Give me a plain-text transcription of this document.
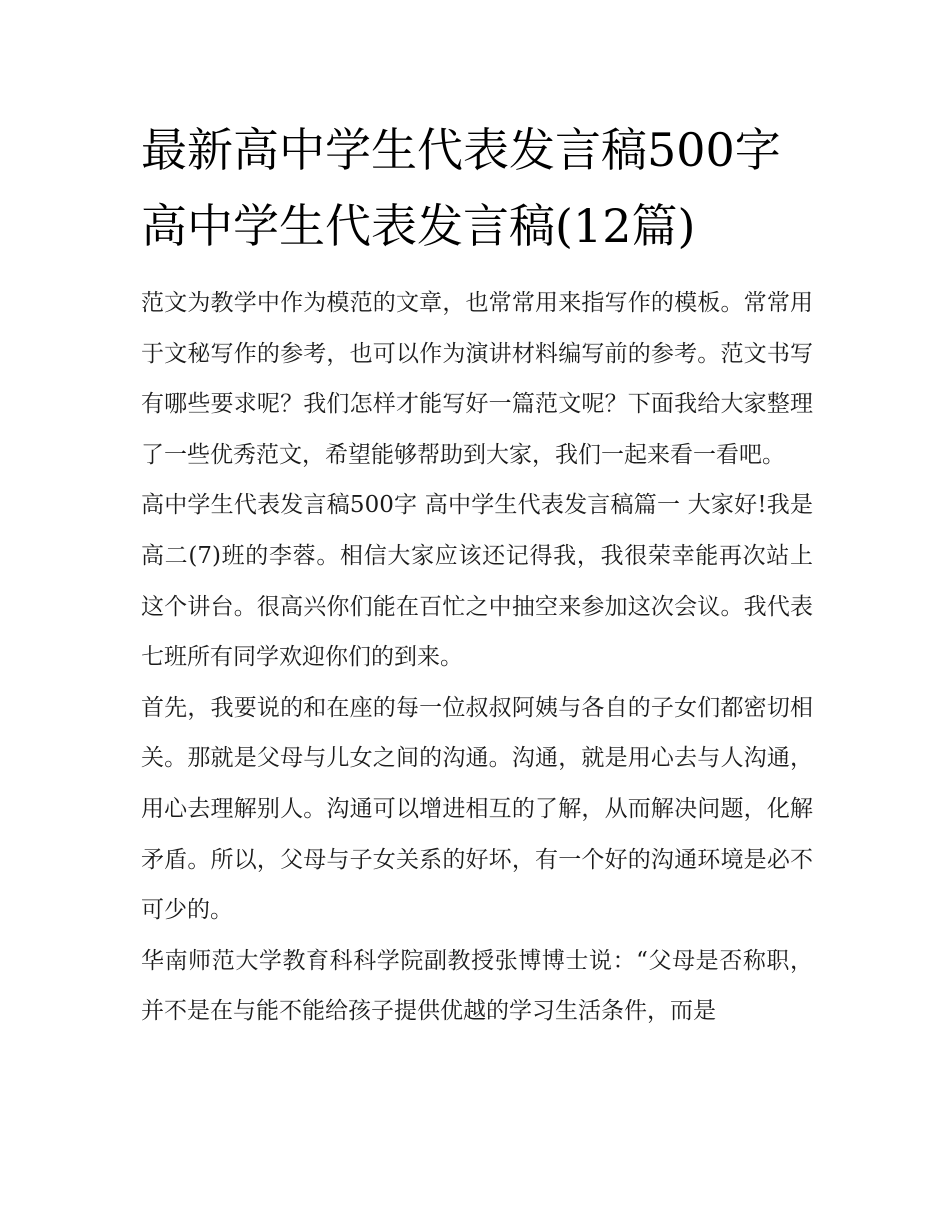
最新高中学生代表发言稿500字 高中学生代表发言稿(12篇)

范文为教学中作为模范的文章，也常常用来指写作的模板。常常用于文秘写作的参考，也可以作为演讲材料编写前的参考。范文书写有哪些要求呢？我们怎样才能写好一篇范文呢？下面我给大家整理了一些优秀范文，希望能够帮助到大家，我们一起来看一看吧。

高中学生代表发言稿500字 高中学生代表发言稿篇一 大家好!我是高二(7)班的李蓉。相信大家应该还记得我，我很荣幸能再次站上这个讲台。很高兴你们能在百忙之中抽空来参加这次会议。我代表七班所有同学欢迎你们的到来。

首先，我要说的和在座的每一位叔叔阿姨与各自的子女们都密切相关。那就是父母与儿女之间的沟通。沟通，就是用心去与人沟通，用心去理解别人。沟通可以增进相互的了解，从而解决问题，化解矛盾。所以，父母与子女关系的好坏，有一个好的沟通环境是必不可少的。

华南师范大学教育科科学院副教授张博博士说：“父母是否称职，并不是在与能不能给孩子提供优越的学习生活条件，而是
